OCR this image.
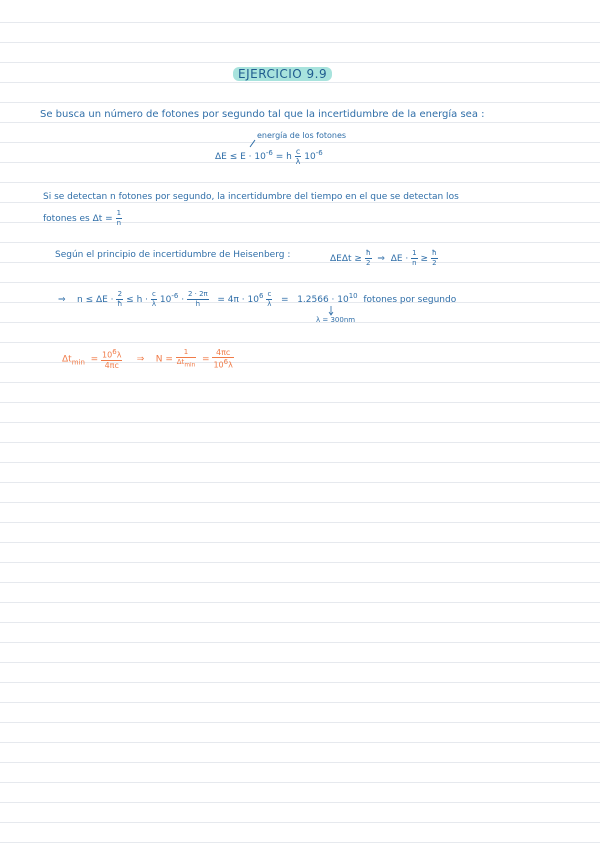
EJERCICIO 9.9
Se busca un número de fotones por segundo tal que la incertidumbre de la energía sea :
energía de los fotones
$\Delta E \le E \cdot 10^{-6} = h \frac{c}{\lambda} 10^{-6}$
Si se detectan n fotones por segundo, la incertidumbre del tiempo en el que se detectan los
fotones es $\Delta t = \frac{1}{n}$
Según el principio de incertidumbre de Heisenberg :	$\Delta E\Delta t \ge \frac{ħ}{2}$ ⇒ $\Delta E \cdot \frac{1}{n} \ge \frac{ħ}{2}$
⇒ $n \le \Delta E \cdot \frac{2}{ħ} \le h \cdot \frac{c}{\lambda} 10^{-6} \cdot \frac{2 \cdot 2\pi}{h} = 4\pi \cdot 10^6 \frac{c}{\lambda} = 1.2566 \cdot 10^{10}$ fotones por segundo
λ = 300nm
$\Delta t_{min} = \frac{10^6\lambda}{4\pi c}$ ⇒ $N = \frac{1}{\Delta t_{min}} = \frac{4\pi c}{10^6\lambda}$
